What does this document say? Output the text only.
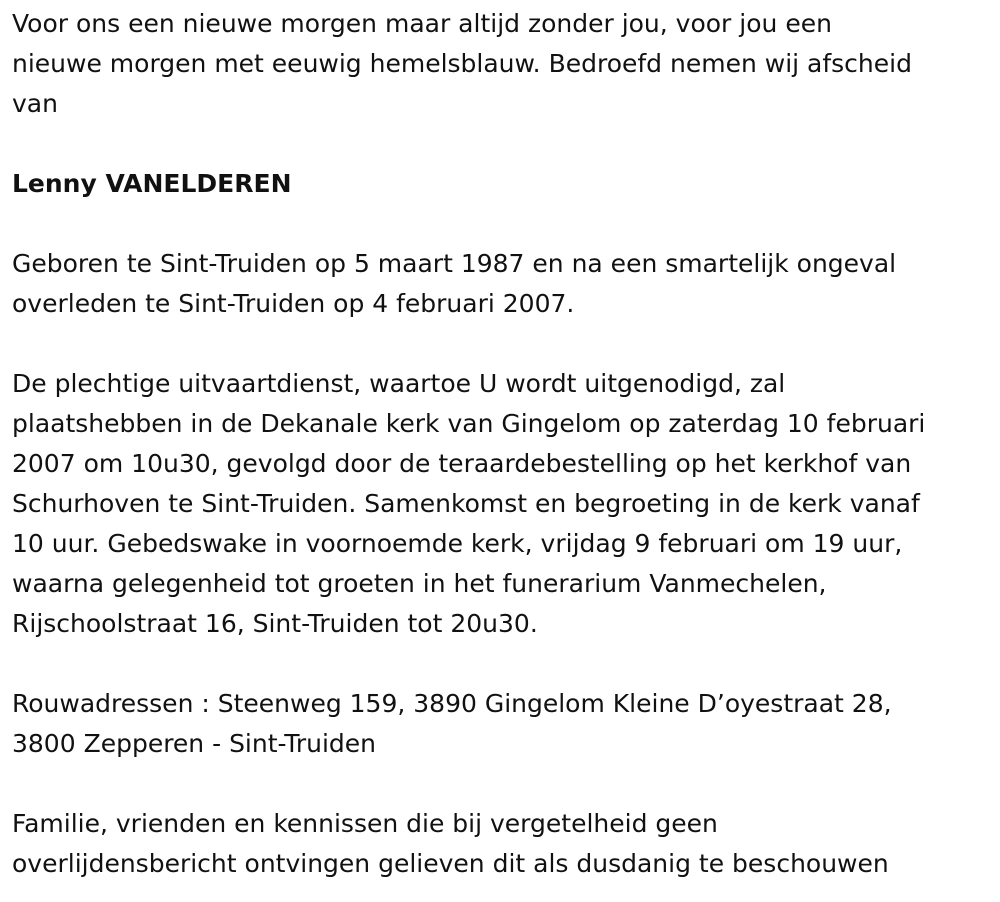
Voor ons een nieuwe morgen maar altijd zonder jou, voor jou een
nieuwe morgen met eeuwig hemelsblauw. Bedroefd nemen wij afscheid
van

Lenny VANELDEREN

Geboren te Sint-Truiden op 5 maart 1987 en na een smartelijk ongeval
overleden te Sint-Truiden op 4 februari 2007.

De plechtige uitvaartdienst, waartoe U wordt uitgenodigd, zal
plaatshebben in de Dekanale kerk van Gingelom op zaterdag 10 februari
2007 om 10u30, gevolgd door de teraardebestelling op het kerkhof van
Schurhoven te Sint-Truiden. Samenkomst en begroeting in de kerk vanaf
10 uur. Gebedswake in voornoemde kerk, vrijdag 9 februari om 19 uur,
waarna gelegenheid tot groeten in het funerarium Vanmechelen,
Rijschoolstraat 16, Sint-Truiden tot 20u30.

Rouwadressen : Steenweg 159, 3890 Gingelom Kleine D’oyestraat 28,
3800 Zepperen - Sint-Truiden

Familie, vrienden en kennissen die bij vergetelheid geen
overlijdensbericht ontvingen gelieven dit als dusdanig te beschouwen
